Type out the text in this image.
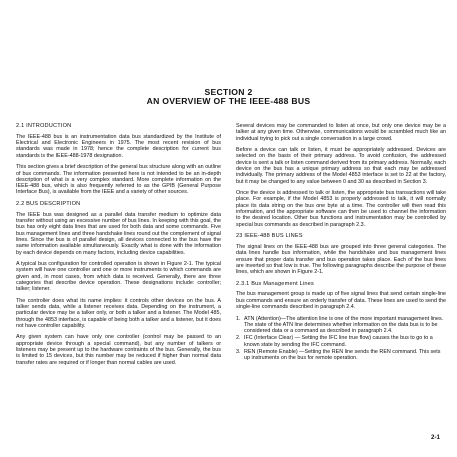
SECTION 2
AN OVERVIEW OF THE IEEE-488 BUS
2.1 INTRODUCTION
The IEEE-488 bus is an instrumentation data bus standardized by the Institute of Electrical and Electronic Engineers in 1975. The most recent revision of bus standards was made in 1978; hence the complete description for current bus standards is the IEEE-488-1978 designation.
This section gives a brief description of the general bus structure along with an outline of bus commands. The information presented here is not intended to be an in-depth description of what is a very complex standard. More complete information on the IEEE-488 bus, which is also frequently referred to as the GPIB (General Purpose Interface Bus), is available from the IEEE and a variety of other sources.
2.2 BUS DESCRIPTION
The IEEE bus was designed as a parallel data transfer medium to optimize data transfer without using an excessive number of bus lines. In keeping with this goal, the bus has only eight data lines that are used for both data and some commands. Five bus management lines and three handshake lines round out the complement of signal lines. Since the bus is of parallel design, all devices connected to the bus have the same information available simultaneously. Exactly what is done with the information by each device depends on many factors, including device capabilities.
A typical bus configuration for controlled operation is shown in Figure 2-1. The typical system will have one controller and one or more instruments to which commands are given and, in most cases, from which data is received. Generally, there are three categories that describe device operation. These designations include: controller; talker; listener.
The controller does what its name implies: it controls other devices on the bus. A talker sends data, while a listener receives data. Depending on the instrument, a particular device may be a talker only, or both a talker and a listener. The Model 485, through the 4853 interface, is capable of being both a talker and a listener, but it does not have controller capability.
Any given system can have only one controller (control may be passed to an appropriate device through a special command), but any number of talkers or listeners may be present up to the hardware contraints of the bus. Generally, the bus is limited to 15 devices, but this number may be reduced if higher than normal data transfer rates are required or if longer than normal cables are used.
Several devices may be commanded to listen at once, but only one device may be a talker at any given time. Otherwise, communications would be scrambled much like an individual trying to pick out a single conversation in a large crowd.
Before a device can talk or listen, it must be appropriately addressed. Devices are selected on the basis of their primary address. To avoid confusion, the addressed device is sent a talk or listen command derived from its primary address. Normally, each device on the bus has a unique primary address so that each may be addressed individually. The primary address of the Model 4853 interface is set to 22 at the factory, but it may be changed to any value between 0 and 30 as described in Section 3.
Once the device is addressed to talk or listen, the appropriate bus transactions will take place. For example, if the Model 4853 is properly addressed to talk, it will normally place its data string on the bus one byte at a time. The controller will then read this information, and the appropriate software can then be used to channel the information to the desired location. Other bus functions and instrumentation may be controlled by special bus commands as described in paragraph 2.3.
23 IEEE-488 BUS LINES
The signal lines on the IEEE-488 bus are grouped into three general categories. The data lines handle bus information, while the handshake and bus management lines ensure that proper data transfer and bus operation takes place. Each of the bus lines are inverted so that low is true. The following paragraphs describe the purpose of these lines, which are shown in Figure 2-1.
2.3.1 Bus Management Lines
The bus management group is made up of five signal lines that send certain single-line bus commands and ensure an orderly transfer of data. These lines are used to send the single-line commands described in paragraph 2.4.
1. ATN (Attention)—The attention line is one of the more important management lines. The state of the ATN line determines whether information on the data bus is to be considered data or a command as described in paragraph 2.4.
2. IFC (Interface Clear) — Setting the IFC line true flow) causes the bus to go to a known state by sending the IFC command.
3. REN (Remote Enable) —Setting the REN line sends the REN command. This sets up instruments on the bus for remote operation.
2-1
